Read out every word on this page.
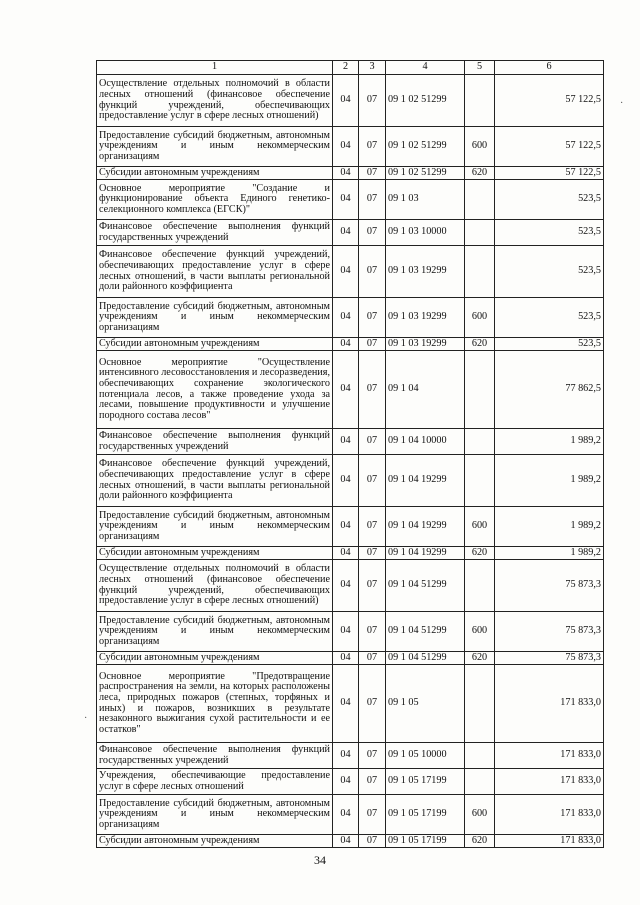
1	2	3	4	5	6
Осуществление отдельных полномочий в области лесных отношений (финансовое обеспечение функций учреждений, обеспечивающих предоставление услуг в сфере лесных отношений)	04	07	09 1 02 51299		57 122,5
Предоставление субсидий бюджетным, автономным учреждениям и иным некоммерческим организациям	04	07	09 1 02 51299	600	57 122,5
Субсидии автономным учреждениям	04	07	09 1 02 51299	620	57 122,5
Основное мероприятие "Создание и функционирование объекта Единого генетико-селекционного комплекса (ЕГСК)"	04	07	09 1 03		523,5
Финансовое обеспечение выполнения функций государственных учреждений	04	07	09 1 03 10000		523,5
Финансовое обеспечение функций учреждений, обеспечивающих предоставление услуг в сфере лесных отношений, в части выплаты региональной доли районного коэффициента	04	07	09 1 03 19299		523,5
Предоставление субсидий бюджетным, автономным учреждениям и иным некоммерческим организациям	04	07	09 1 03 19299	600	523,5
Субсидии автономным учреждениям	04	07	09 1 03 19299	620	523,5
Основное мероприятие "Осуществление интенсивного лесовосстановления и лесоразведения, обеспечивающих сохранение экологического потенциала лесов, а также проведение ухода за лесами, повышение продуктивности и улучшение породного состава лесов"	04	07	09 1 04		77 862,5
Финансовое обеспечение выполнения функций государственных учреждений	04	07	09 1 04 10000		1 989,2
Финансовое обеспечение функций учреждений, обеспечивающих предоставление услуг в сфере лесных отношений, в части выплаты региональной доли районного коэффициента	04	07	09 1 04 19299		1 989,2
Предоставление субсидий бюджетным, автономным учреждениям и иным некоммерческим организациям	04	07	09 1 04 19299	600	1 989,2
Субсидии автономным учреждениям	04	07	09 1 04 19299	620	1 989,2
Осуществление отдельных полномочий в области лесных отношений (финансовое обеспечение функций учреждений, обеспечивающих предоставление услуг в сфере лесных отношений)	04	07	09 1 04 51299		75 873,3
Предоставление субсидий бюджетным, автономным учреждениям и иным некоммерческим организациям	04	07	09 1 04 51299	600	75 873,3
Субсидии автономным учреждениям	04	07	09 1 04 51299	620	75 873,3
Основное мероприятие "Предотвращение распространения на земли, на которых расположены леса, природных пожаров (степных, торфяных и иных) и пожаров, возникших в результате незаконного выжигания сухой растительности и ее остатков"	04	07	09 1 05		171 833,0
Финансовое обеспечение выполнения функций государственных учреждений	04	07	09 1 05 10000		171 833,0
Учреждения, обеспечивающие предоставление услуг в сфере лесных отношений	04	07	09 1 05 17199		171 833,0
Предоставление субсидий бюджетным, автономным учреждениям и иным некоммерческим организациям	04	07	09 1 05 17199	600	171 833,0
Субсидии автономным учреждениям	04	07	09 1 05 17199	620	171 833,0
34
·
·
